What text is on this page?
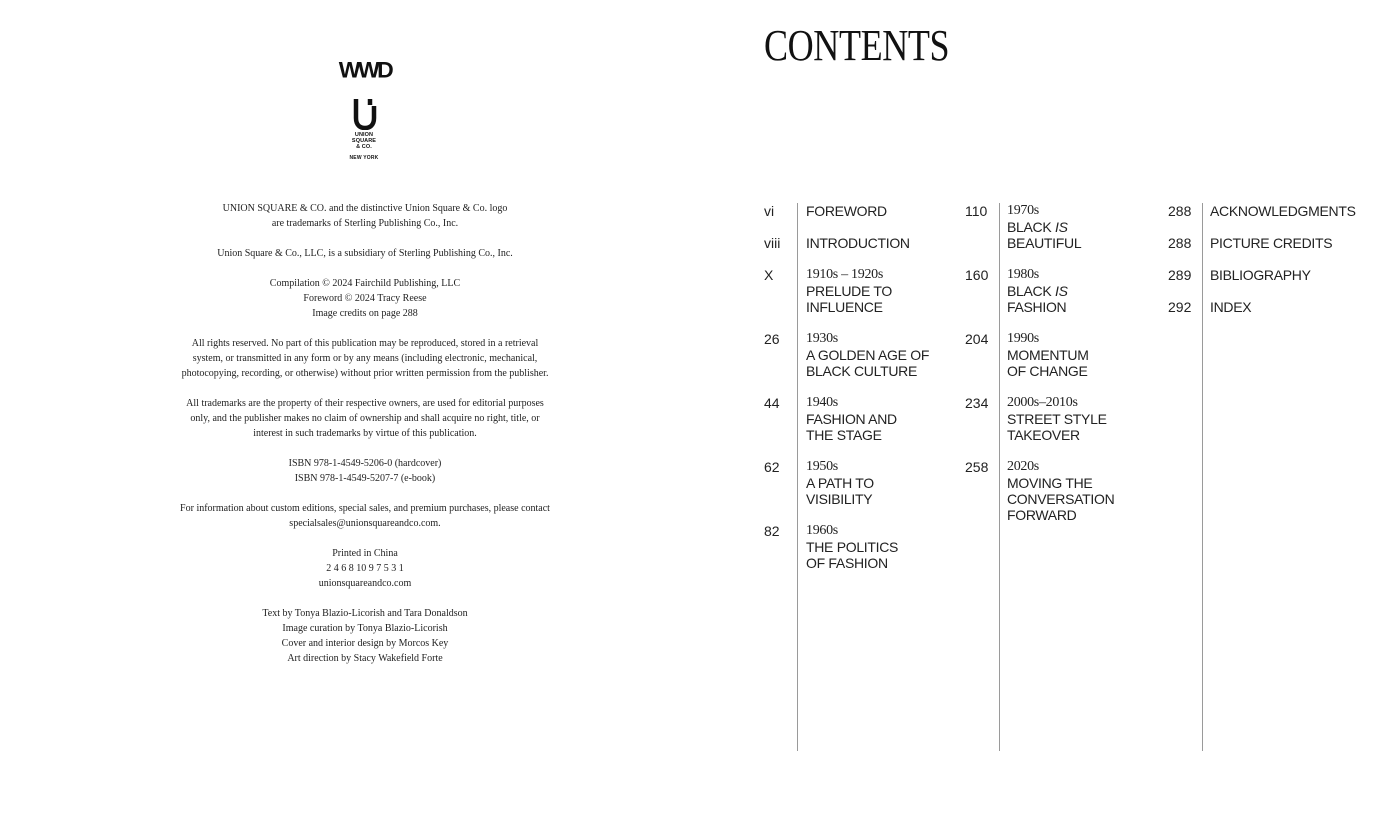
WWD
UNION
SQUARE
& CO.
NEW YORK

UNION SQUARE & CO. and the distinctive Union Square & Co. logo
are trademarks of Sterling Publishing Co., Inc.

Union Square & Co., LLC, is a subsidiary of Sterling Publishing Co., Inc.

Compilation © 2024 Fairchild Publishing, LLC
Foreword © 2024 Tracy Reese
Image credits on page 288

All rights reserved. No part of this publication may be reproduced, stored in a retrieval
system, or transmitted in any form or by any means (including electronic, mechanical,
photocopying, recording, or otherwise) without prior written permission from the publisher.

All trademarks are the property of their respective owners, are used for editorial purposes
only, and the publisher makes no claim of ownership and shall acquire no right, title, or
interest in such trademarks by virtue of this publication.

ISBN 978-1-4549-5206-0 (hardcover)
ISBN 978-1-4549-5207-7 (e-book)

For information about custom editions, special sales, and premium purchases, please contact
specialsales@unionsquareandco.com.

Printed in China
2 4 6 8 10 9 7 5 3 1
unionsquareandco.com

Text by Tonya Blazio-Licorish and Tara Donaldson
Image curation by Tonya Blazio-Licorish
Cover and interior design by Morcos Key
Art direction by Stacy Wakefield Forte

CONTENTS
vi FOREWORD
viii INTRODUCTION
X 1910s – 1920s
PRELUDE TO
INFLUENCE
26 1930s
A GOLDEN AGE OF
BLACK CULTURE
44 1940s
FASHION AND
THE STAGE
62 1950s
A PATH TO
VISIBILITY
82 1960s
THE POLITICS
OF FASHION
110 1970s
BLACK IS
BEAUTIFUL
160 1980s
BLACK IS
FASHION
204 1990s
MOMENTUM
OF CHANGE
234 2000s–2010s
STREET STYLE
TAKEOVER
258 2020s
MOVING THE
CONVERSATION
FORWARD
288 ACKNOWLEDGMENTS
288 PICTURE CREDITS
289 BIBLIOGRAPHY
292 INDEX
